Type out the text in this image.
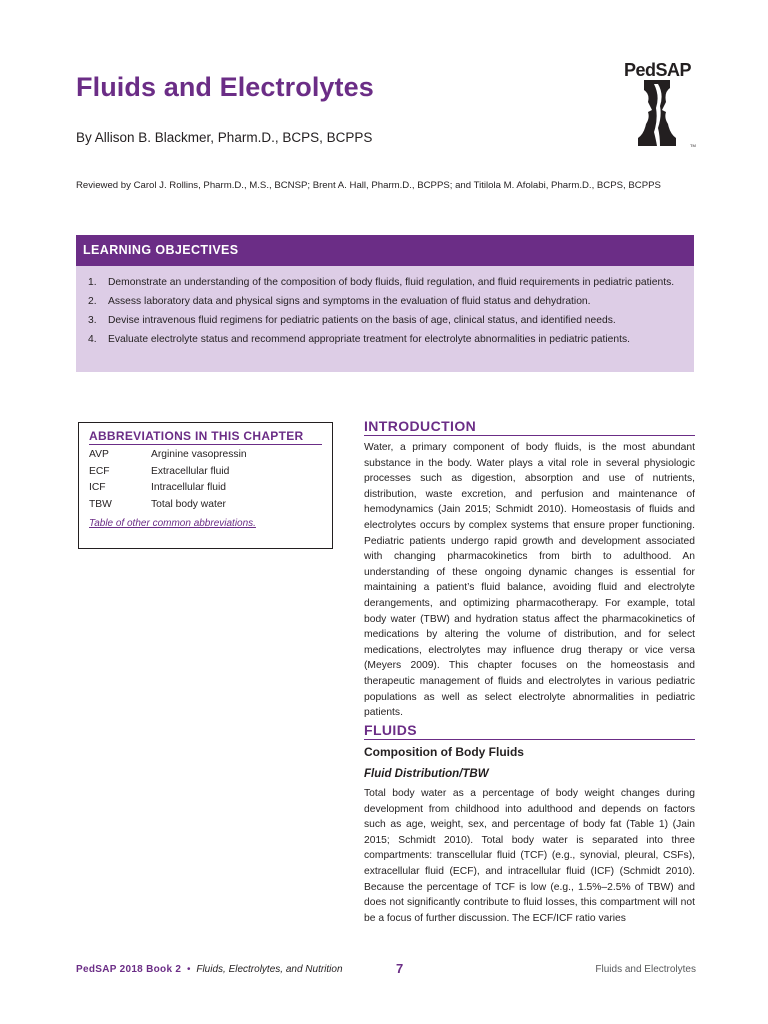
Fluids and Electrolytes
By Allison B. Blackmer, Pharm.D., BCPS, BCPPS
Reviewed by Carol J. Rollins, Pharm.D., M.S., BCNSP; Brent A. Hall, Pharm.D., BCPPS; and Titilola M. Afolabi, Pharm.D., BCPS, BCPPS
PedSAP
TM
LEARNING OBJECTIVES
1.	Demonstrate an understanding of the composition of body fluids, fluid regulation, and fluid requirements in pediatric patients.
2.	Assess laboratory data and physical signs and symptoms in the evaluation of fluid status and dehydration.
3.	Devise intravenous fluid regimens for pediatric patients on the basis of age, clinical status, and identified needs.
4.	Evaluate electrolyte status and recommend appropriate treatment for electrolyte abnormalities in pediatric patients.
ABBREVIATIONS IN THIS CHAPTER
AVP	Arginine vasopressin
ECF	Extracellular fluid
ICF	Intracellular fluid
TBW	Total body water
Table of other common abbreviations.
INTRODUCTION

Water, a primary component of body fluids, is the most abundant substance in the body. Water plays a vital role in several physiologic processes such as digestion, absorption and use of nutrients, distribution, waste excretion, and perfusion and maintenance of hemodynamics (Jain 2015; Schmidt 2010). Homeostasis of fluids and electrolytes occurs by complex systems that ensure proper functioning. Pediatric patients undergo rapid growth and development associated with changing pharmacokinetics from birth to adulthood. An understanding of these ongoing dynamic changes is essential for maintaining a patient’s fluid balance, avoiding fluid and electrolyte derangements, and optimizing pharmacotherapy. For example, total body water (TBW) and hydration status affect the pharmacokinetics of medications by altering the volume of distribution, and for select medications, electrolytes may influence drug therapy or vice versa (Meyers 2009). This chapter focuses on the homeostasis and therapeutic management of fluids and electrolytes in various pediatric populations as well as select electrolyte abnormalities in pediatric patients.

FLUIDS
Composition of Body Fluids
Fluid Distribution/TBW

Total body water as a percentage of body weight changes during development from childhood into adulthood and depends on factors such as age, weight, sex, and percentage of body fat (Table 1) (Jain 2015; Schmidt 2010). Total body water is separated into three compartments: transcellular fluid (TCF) (e.g., synovial, pleural, CSFs), extracellular fluid (ECF), and intracellular fluid (ICF) (Schmidt 2010). Because the percentage of TCF is low (e.g., 1.5%–2.5% of TBW) and does not significantly contribute to fluid losses, this compartment will not be a focus of further discussion. The ECF/ICF ratio varies

PedSAP 2018 Book 2 • Fluids, Electrolytes, and Nutrition	7	Fluids and Electrolytes
